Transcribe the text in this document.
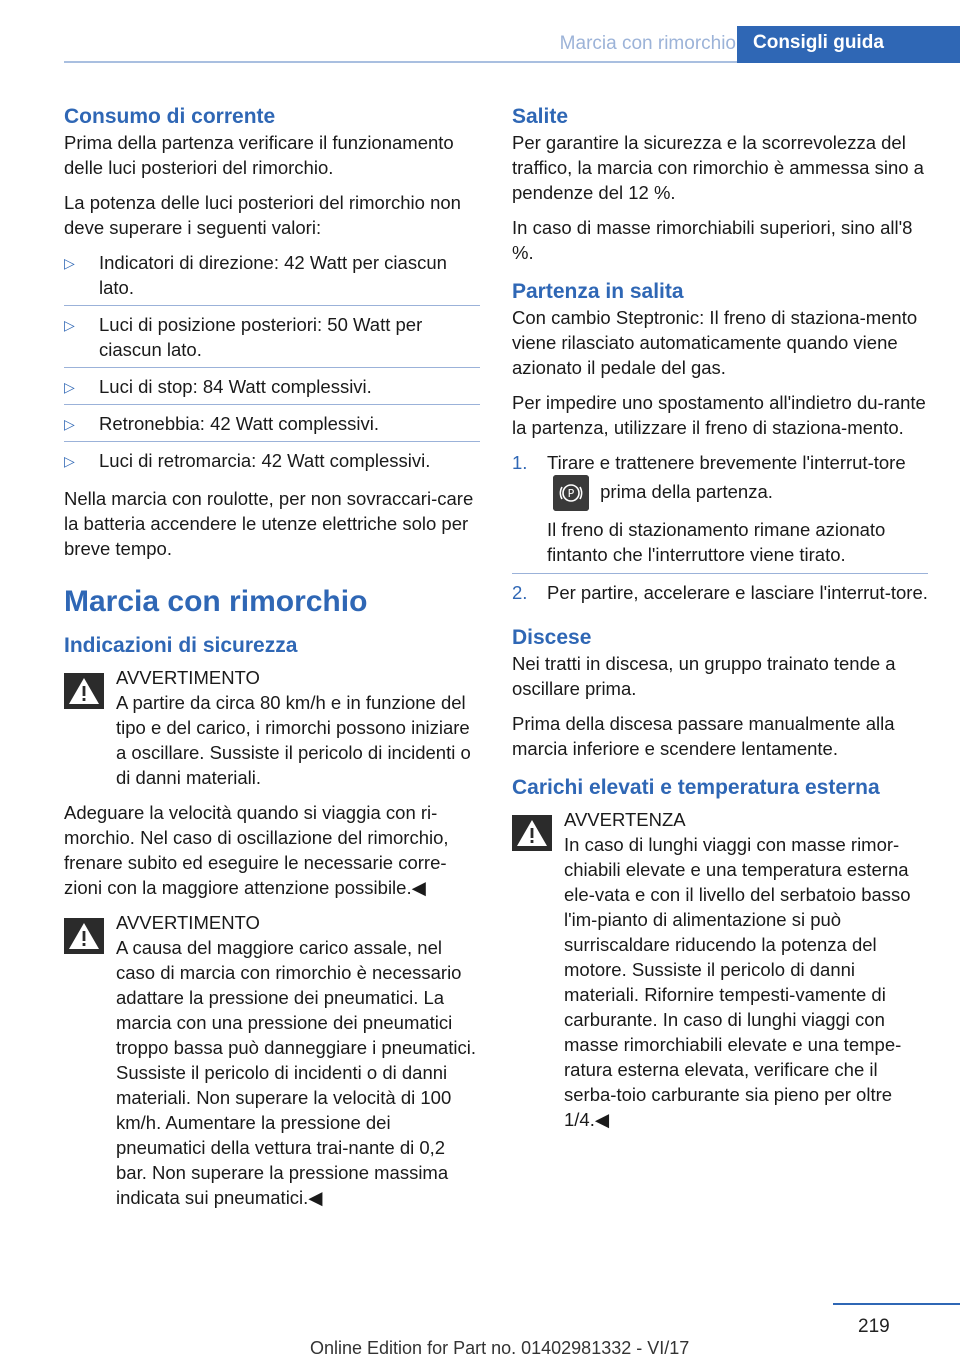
Marcia con rimorchio Consigli guida
Consumo di corrente

Prima della partenza verificare il funzionamento delle luci posteriori del rimorchio.

La potenza delle luci posteriori del rimorchio non deve superare i seguenti valori:

▷ Indicatori di direzione: 42 Watt per ciascun lato.
▷ Luci di posizione posteriori: 50 Watt per ciascun lato.
▷ Luci di stop: 84 Watt complessivi.
▷ Retronebbia: 42 Watt complessivi.
▷ Luci di retromarcia: 42 Watt complessivi.

Nella marcia con roulotte, per non sovraccari‐care la batteria accendere le utenze elettriche solo per breve tempo.

Marcia con rimorchio
Indicazioni di sicurezza

AVVERTIMENTO
A partire da circa 80 km/h e in funzione del tipo e del carico, i rimorchi possono iniziare a oscillare. Sussiste il pericolo di incidenti o di danni materiali.

Adeguare la velocità quando si viaggia con ri‐morchio. Nel caso di oscillazione del rimorchio, frenare subito ed eseguire le necessarie corre‐zioni con la maggiore attenzione possibile.◀

AVVERTIMENTO
A causa del maggiore carico assale, nel caso di marcia con rimorchio è necessario adattare la pressione dei pneumatici. La marcia con una pressione dei pneumatici troppo bassa può danneggiare i pneumatici. Sussiste il pericolo di incidenti o di danni materiali. Non superare la velocità di 100 km/h. Aumentare la pressione dei pneumatici della vettura trai‐nante di 0,2 bar. Non superare la pressione massima indicata sui pneumatici.◀

Salite

Per garantire la sicurezza e la scorrevolezza del traffico, la marcia con rimorchio è ammessa sino a pendenze del 12 %.

In caso di masse rimorchiabili superiori, sino all'8 %.

Partenza in salita

Con cambio Steptronic: Il freno di staziona‐mento viene rilasciato automaticamente quando viene azionato il pedale del gas.

Per impedire uno spostamento all'indietro du‐rante la partenza, utilizzare il freno di staziona‐mento.

1. Tirare e trattenere brevemente l'interrut‐tore
P prima della partenza.
Il freno di stazionamento rimane azionato fintanto che l'interruttore viene tirato.
2. Per partire, accelerare e lasciare l'interrut‐tore.
Discese

Nei tratti in discesa, un gruppo trainato tende a oscillare prima.

Prima della discesa passare manualmente alla marcia inferiore e scendere lentamente.

Carichi elevati e temperatura esterna

AVVERTENZA
In caso di lunghi viaggi con masse rimor‐chiabili elevate e una temperatura esterna ele‐vata e con il livello del serbatoio basso l'im‐pianto di alimentazione si può surriscaldare riducendo la potenza del motore. Sussiste il pericolo di danni materiali. Rifornire tempesti‐vamente di carburante. In caso di lunghi viaggi con masse rimorchiabili elevate e una tempe‐ratura esterna elevata, verificare che il serba‐toio carburante sia pieno per oltre 1/4.◀

219
Online Edition for Part no. 01402981332 - VI/17
